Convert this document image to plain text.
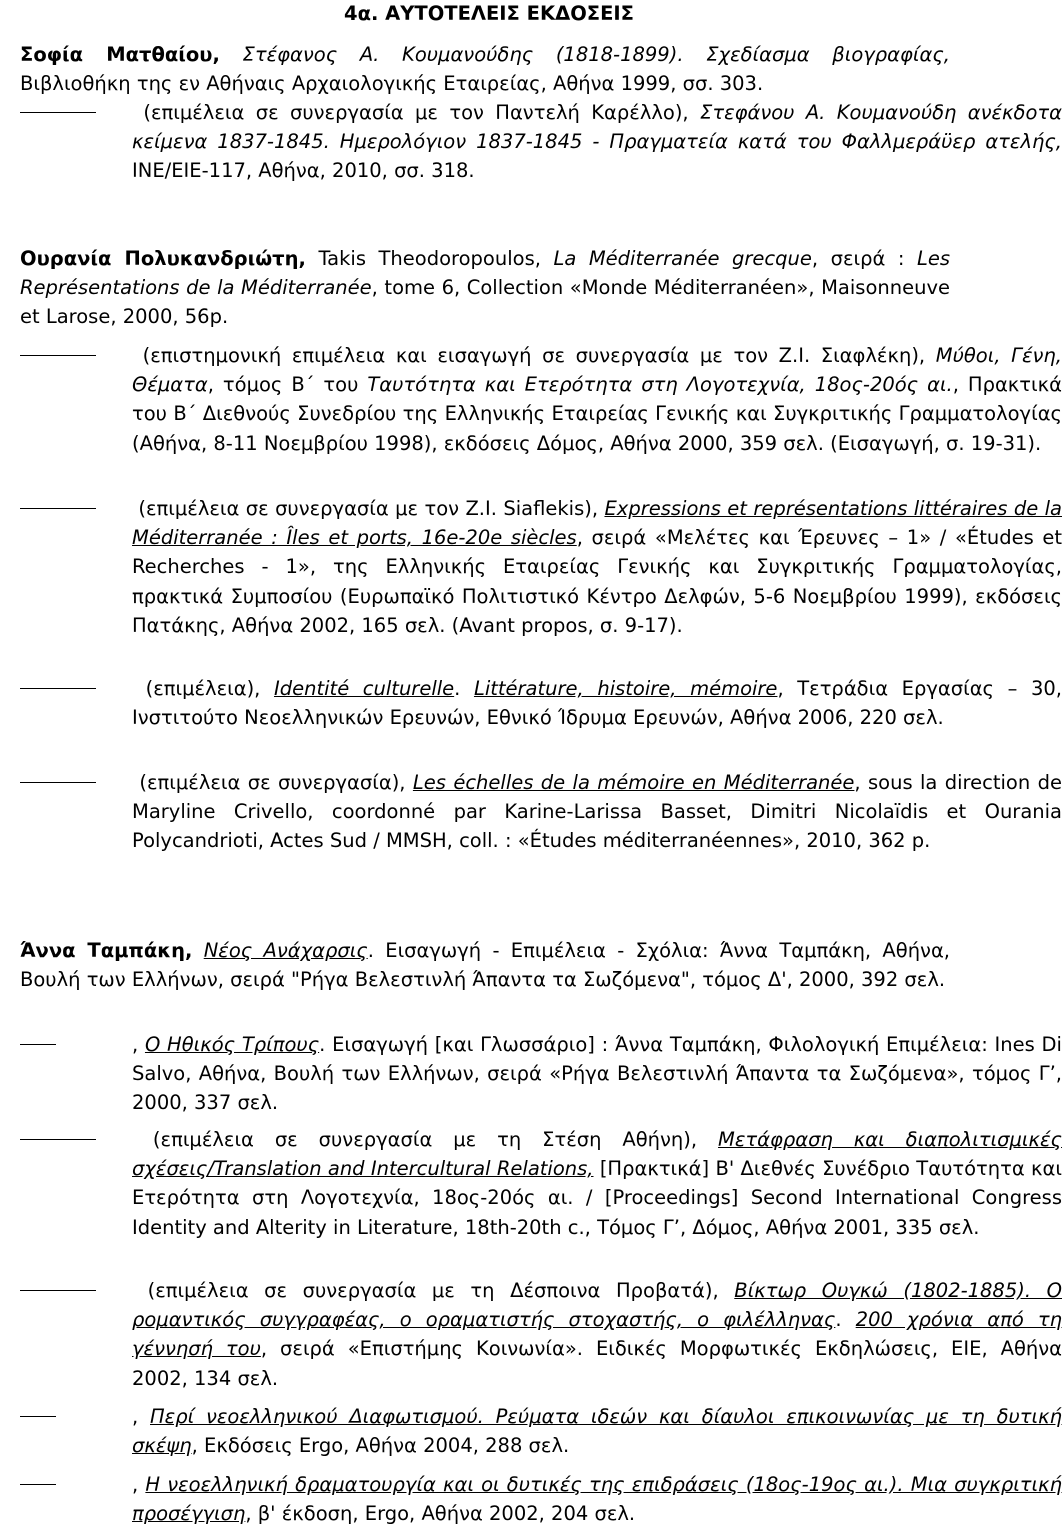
4α. ΑΥΤΟΤΕΛΕΙΣ ΕΚΔΟΣΕΙΣ

Σοφία Ματθαίου, Στέφανος Α. Κουμανούδης (1818-1899). Σχεδίασμα βιογραφίας, Βιβλιοθήκη της εν Αθήναις Αρχαιολογικής Εταιρείας, Αθήνα 1999, σσ. 303.

(επιμέλεια σε συνεργασία με τον Παντελή Καρέλλο), Στεφάνου Α. Κουμανούδη ανέκδοτα κείμενα 1837-1845. Ημερολόγιον 1837-1845 - Πραγματεία κατά του Φαλλμεράϋερ ατελής, ΙΝΕ/ΕΙΕ-117, Αθήνα, 2010, σσ. 318.

Ουρανία Πολυκανδριώτη, Takis Theodoropoulos, La Méditerranée grecque, σειρά : Les Représentations de la Méditerranée, tome 6, Collection «Monde Méditerranéen», Maisonneuve et Larose, 2000, 56p.

(επιστημονική επιμέλεια και εισαγωγή σε συνεργασία με τον Ζ.Ι. Σιαφλέκη), Μύθοι, Γένη, Θέματα, τόμος Β΄ του Ταυτότητα και Ετερότητα στη Λογοτεχνία, 18ος-20ός αι., Πρακτικά του Β΄ Διεθνούς Συνεδρίου της Ελληνικής Εταιρείας Γενικής και Συγκριτικής Γραμματολογίας (Αθήνα, 8-11 Νοεμβρίου 1998), εκδόσεις Δόμος, Αθήνα 2000, 359 σελ. (Εισαγωγή, σ. 19-31).

(επιμέλεια σε συνεργασία με τον Ζ.Ι. Siaflekis), Expressions et représentations littéraires de la Méditerranée : Îles et ports, 16e-20e siècles, σειρά «Μελέτες και Έρευνες – 1» / «Études et Recherches - 1», της Ελληνικής Εταιρείας Γενικής και Συγκριτικής Γραμματολογίας, πρακτικά Συμποσίου (Ευρωπαϊκό Πολιτιστικό Κέντρο Δελφών, 5-6 Νοεμβρίου 1999), εκδόσεις Πατάκης, Αθήνα 2002, 165 σελ. (Avant propos, σ. 9-17).

(επιμέλεια), Identité culturelle. Littérature, histoire, mémoire, Τετράδια Εργασίας – 30, Ινστιτούτο Νεοελληνικών Ερευνών, Εθνικό Ίδρυμα Ερευνών, Αθήνα 2006, 220 σελ.

(επιμέλεια σε συνεργασία), Les échelles de la mémoire en Méditerranée, sous la direction de Maryline Crivello, coordonné par Karine-Larissa Basset, Dimitri Nicolaïdis et Ourania Polycandrioti, Actes Sud / MMSH, coll. : «Études méditerranéennes», 2010, 362 p.

Άννα Ταμπάκη, Νέος Ανάχαρσις. Εισαγωγή - Επιμέλεια - Σχόλια: Άννα Ταμπάκη, Αθήνα, Βουλή των Ελλήνων, σειρά "Ρήγα Βελεστινλή Άπαντα τα Σωζόμενα", τόμος Δ', 2000, 392 σελ.

, Ο Ηθικός Τρίπους. Εισαγωγή [και Γλωσσάριο] : Άννα Ταμπάκη, Φιλολογική Επιμέλεια: Ines Di Salvo, Αθήνα, Βουλή των Ελλήνων, σειρά «Ρήγα Βελεστινλή Άπαντα τα Σωζόμενα», τόμος Γ’, 2000, 337 σελ.

(επιμέλεια σε συνεργασία με τη Στέση Αθήνη), Μετάφραση και διαπολιτισμικές σχέσεις/Translation and Intercultural Relations, [Πρακτικά] Β' Διεθνές Συνέδριο Ταυτότητα και Ετερότητα στη Λογοτεχνία, 18ος-20ός αι. / [Proceedings] Second International Congress Identity and Alterity in Literature, 18th-20th c., Τόμος Γ’, Δόμος, Αθήνα 2001, 335 σελ.

(επιμέλεια σε συνεργασία με τη Δέσποινα Προβατά), Βίκτωρ Ουγκώ (1802-1885). Ο ρομαντικός συγγραφέας, ο οραματιστής στοχαστής, ο φιλέλληνας. 200 χρόνια από τη γέννησή του, σειρά «Επιστήμης Κοινωνία». Ειδικές Μορφωτικές Εκδηλώσεις, ΕΙΕ, Αθήνα 2002, 134 σελ.

, Περί νεοελληνικού Διαφωτισμού. Ρεύματα ιδεών και δίαυλοι επικοινωνίας με τη δυτική σκέψη, Εκδόσεις Ergo, Αθήνα 2004, 288 σελ.

, Η νεοελληνική δραματουργία και οι δυτικές της επιδράσεις (18ος-19ος αι.). Μια συγκριτική προσέγγιση, β' έκδοση, Ergo, Αθήνα 2002, 204 σελ.
